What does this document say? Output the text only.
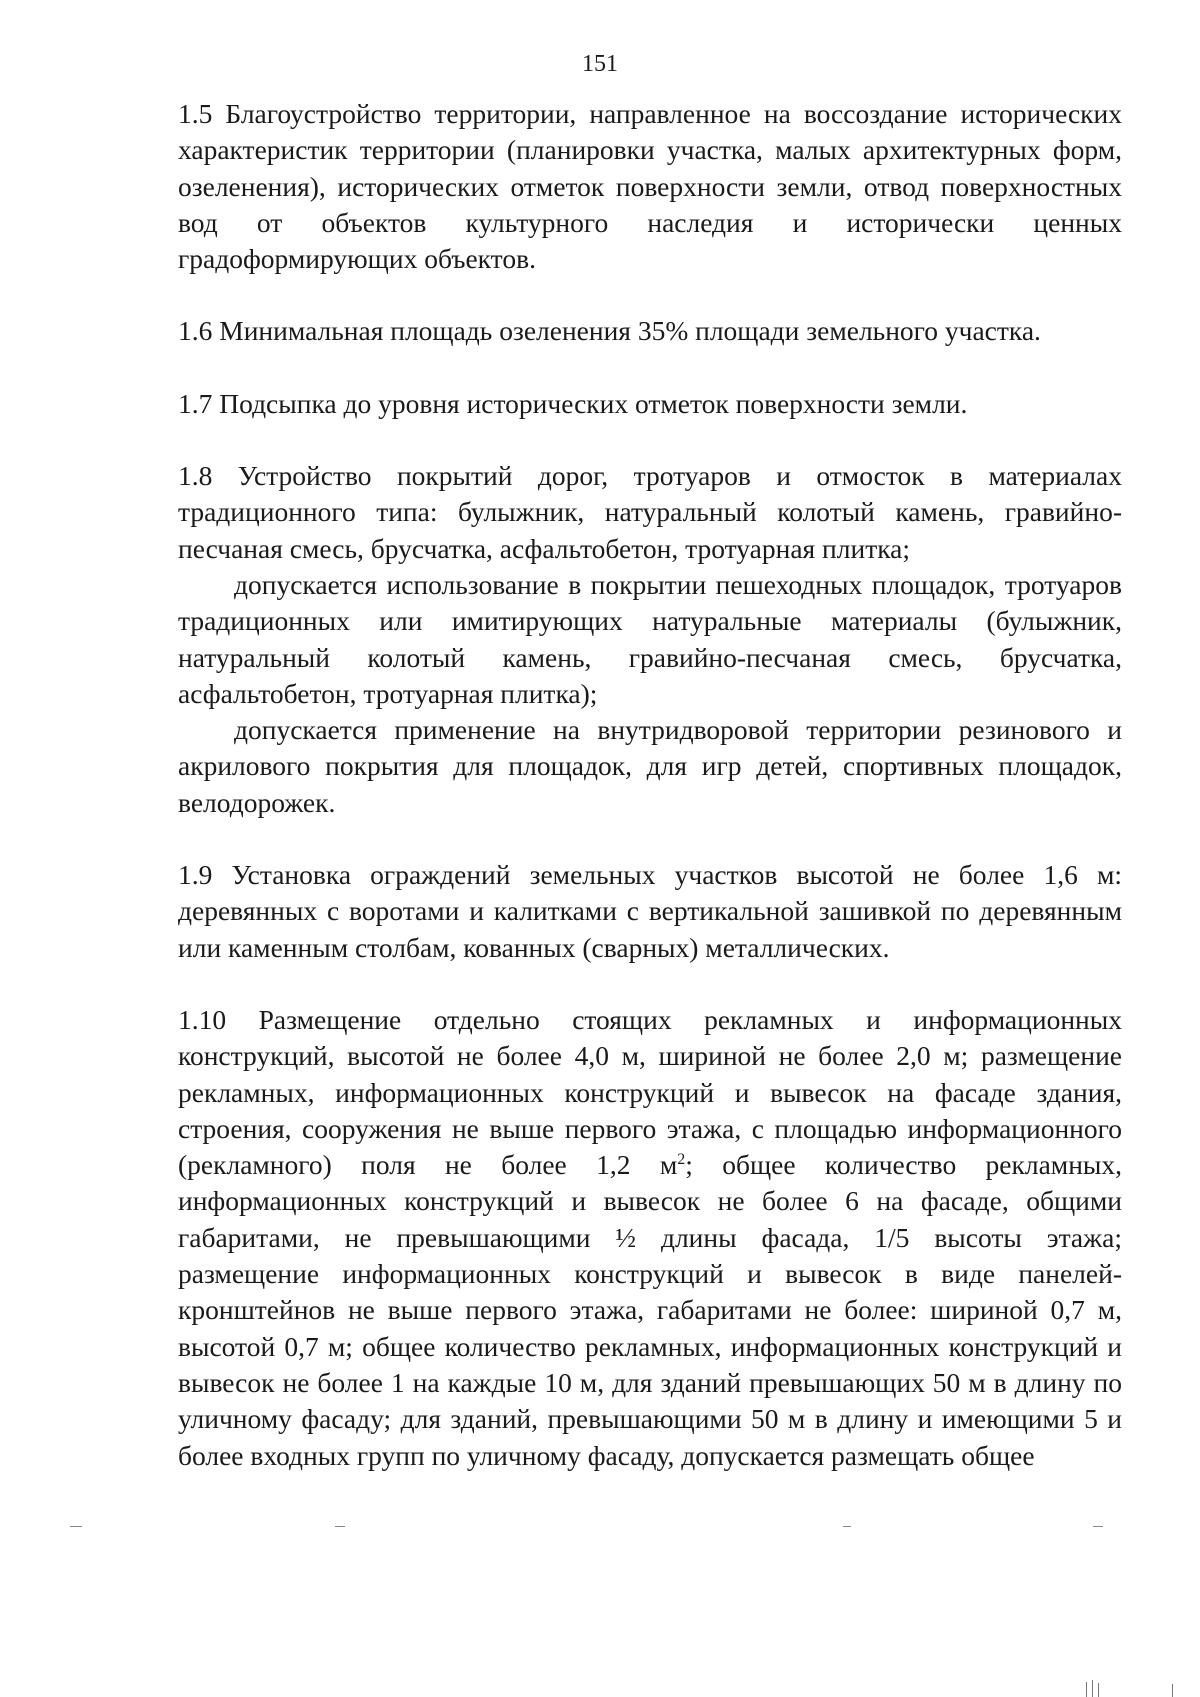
151

1.5 Благоустройство территории, направленное на воссоздание исторических характеристик территории (планировки участка, малых архитектурных форм, озеленения), исторических отметок поверхности земли, отвод поверхностных вод от объектов культурного наследия и исторически ценных градоформирующих объектов.

1.6 Минимальная площадь озеленения 35% площади земельного участка.

1.7 Подсыпка до уровня исторических отметок поверхности земли.

1.8 Устройство покрытий дорог, тротуаров и отмосток в материалах традиционного типа: булыжник, натуральный колотый камень, гравийно-песчаная смесь, брусчатка, асфальтобетон, тротуарная плитка;

допускается использование в покрытии пешеходных площадок, тротуаров традиционных или имитирующих натуральные материалы (булыжник, натуральный колотый камень, гравийно-песчаная смесь, брусчатка, асфальтобетон, тротуарная плитка);

допускается применение на внутридворовой территории резинового и акрилового покрытия для площадок, для игр детей, спортивных площадок, велодорожек.

1.9 Установка ограждений земельных участков высотой не более 1,6 м: деревянных с воротами и калитками с вертикальной зашивкой по деревянным или каменным столбам, кованных (сварных) металлических.

1.10 Размещение отдельно стоящих рекламных и информационных конструкций, высотой не более 4,0 м, шириной не более 2,0 м; размещение рекламных, информационных конструкций и вывесок на фасаде здания, строения, сооружения не выше первого этажа, с площадью информационного (рекламного) поля не более 1,2 $м^2$; общее количество рекламных, информационных конструкций и вывесок не более 6 на фасаде, общими габаритами, не превышающими ½ длины фасада, 1/5 высоты этажа; размещение информационных конструкций и вывесок в виде панелей-кронштейнов не выше первого этажа, габаритами не более: шириной 0,7 м, высотой 0,7 м; общее количество рекламных, информационных конструкций и вывесок не более 1 на каждые 10 м, для зданий превышающих 50 м в длину по уличному фасаду; для зданий, превышающими 50 м в длину и имеющими 5 и более входных групп по уличному фасаду, допускается размещать общее
